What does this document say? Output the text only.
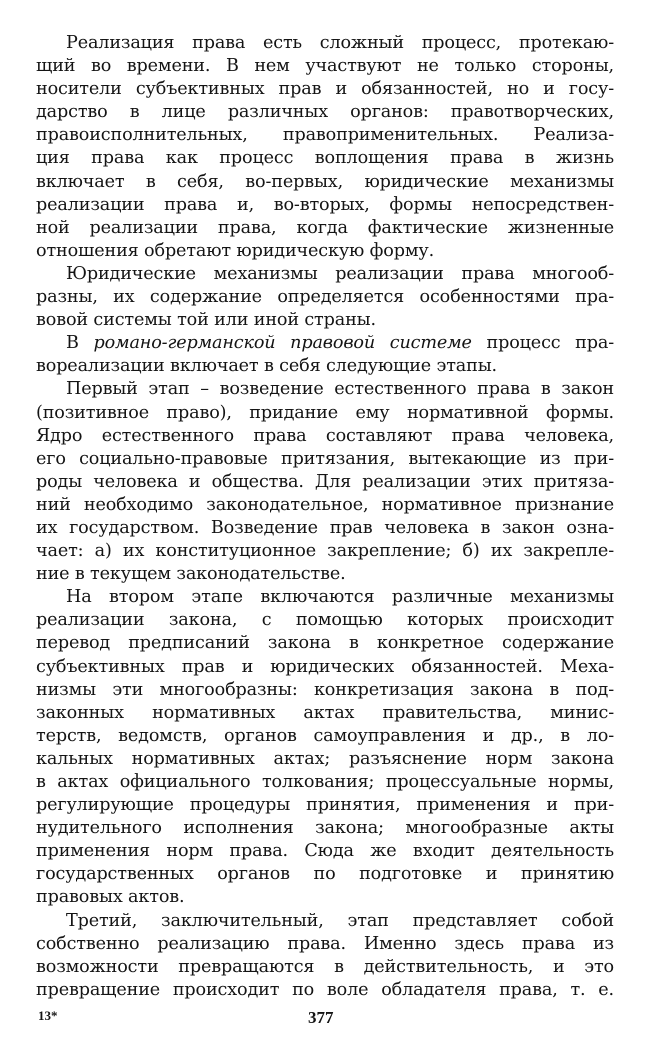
Реализация права есть сложный процесс, протекаю-
щий во времени. В нем участвуют не только стороны,
носители субъективных прав и обязанностей, но и госу-
дарство в лице различных органов: правотворческих,
правоисполнительных, правоприменительных. Реализа-
ция права как процесс воплощения права в жизнь
включает в себя, во-первых, юридические механизмы
реализации права и, во-вторых, формы непосредствен-
ной реализации права, когда фактические жизненные
отношения обретают юридическую форму.

Юридические механизмы реализации права многооб-
разны, их содержание определяется особенностями пра-
вовой системы той или иной страны.

В романо-германской правовой системе процесс пра-
вореализации включает в себя следующие этапы.

Первый этап – возведение естественного права в закон
(позитивное право), придание ему нормативной формы.
Ядро естественного права составляют права человека,
его социально-правовые притязания, вытекающие из при-
роды человека и общества. Для реализации этих притяза-
ний необходимо законодательное, нормативное признание
их государством. Возведение прав человека в закон озна-
чает: а) их конституционное закрепление; б) их закрепле-
ние в текущем законодательстве.

На втором этапе включаются различные механизмы
реализации закона, с помощью которых происходит
перевод предписаний закона в конкретное содержание
субъективных прав и юридических обязанностей. Меха-
низмы эти многообразны: конкретизация закона в под-
законных нормативных актах правительства, минис-
терств, ведомств, органов самоуправления и др., в ло-
кальных нормативных актах; разъяснение норм закона
в актах официального толкования; процессуальные нормы,
регулирующие процедуры принятия, применения и при-
нудительного исполнения закона; многообразные акты
применения норм права. Сюда же входит деятельность
государственных органов по подготовке и принятию
правовых актов.

Третий, заключительный, этап представляет собой
собственно реализацию права. Именно здесь права из
возможности превращаются в действительность, и это
превращение происходит по воле обладателя права, т. е.

13*	377
